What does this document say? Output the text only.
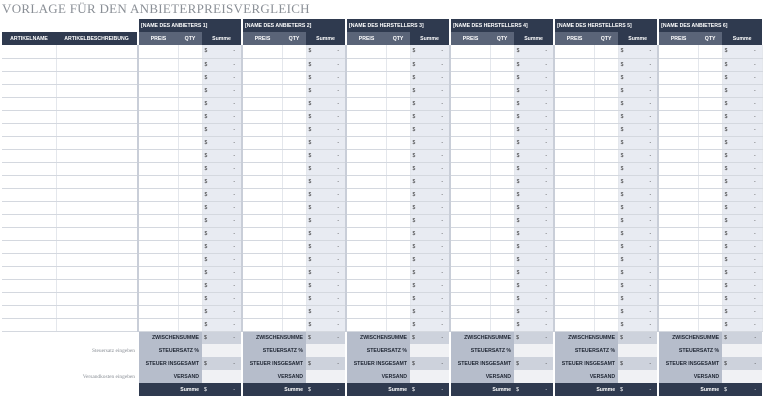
VORLAGE FÜR DEN ANBIETERPREISVERGLEICH
		[NAME DES ANBIETERS 1]			[NAME DES ANBIETERS 2]			[NAME DES HERSTELLERS 3]			[NAME DES HERSTELLERS 4]			[NAME DES HERSTELLERS 5]			[NAME DES ANBIETERS 6]		
ARTIKELNAME	ARTIKELBESCHREIBUNG	PREIS	QTY	Summe	PREIS	QTY	Summe	PREIS	QTY	Summe	PREIS	QTY	Summe	PREIS	QTY	Summe	PREIS	QTY	Summe

				$ -			$ -			$ -			$ -			$ -			$ -

				$ -			$ -			$ -			$ -			$ -			$ -

				$ -			$ -			$ -			$ -			$ -			$ -

				$ -			$ -			$ -			$ -			$ -			$ -

				$ -			$ -			$ -			$ -			$ -			$ -

				$ -			$ -			$ -			$ -			$ -			$ -

				$ -			$ -			$ -			$ -			$ -			$ -

				$ -			$ -			$ -			$ -			$ -			$ -

				$ -			$ -			$ -			$ -			$ -			$ -

				$ -			$ -			$ -			$ -			$ -			$ -

				$ -			$ -			$ -			$ -			$ -			$ -

				$ -			$ -			$ -			$ -			$ -			$ -

				$ -			$ -			$ -			$ -			$ -			$ -

				$ -			$ -			$ -			$ -			$ -			$ -

				$ -			$ -			$ -			$ -			$ -			$ -

				$ -			$ -			$ -			$ -			$ -			$ -

				$ -			$ -			$ -			$ -			$ -			$ -

				$ -			$ -			$ -			$ -			$ -			$ -

				$ -			$ -			$ -			$ -			$ -			$ -

				$ -			$ -			$ -			$ -			$ -			$ -

				$ -			$ -			$ -			$ -			$ -			$ -

				$ -			$ -			$ -			$ -			$ -			$ -

		ZWISCHENSUMME		$ -	ZWISCHENSUMME		$ -	ZWISCHENSUMME		$ -	ZWISCHENSUMME		$ -	ZWISCHENSUMME		$ -	ZWISCHENSUMME		$ -

Steuersatz eingeben		STEUERSATZ %			STEUERSATZ %			STEUERSATZ %			STEUERSATZ %			STEUERSATZ %			STEUERSATZ %		
		STEUER INSGESAMT		$ -	STEUER INSGESAMT		$ -	STEUER INSGESAMT		$ -	STEUER INSGESAMT		$ -	STEUER INSGESAMT		$ -	STEUER INSGESAMT		$ -

Versandkosten eingeben		VERSAND			VERSAND			VERSAND			VERSAND			VERSAND			VERSAND		
		Summe		$ -	Summe		$ -	Summe		$ -	Summe		$ -	Summe		$ -	Summe		$ -
